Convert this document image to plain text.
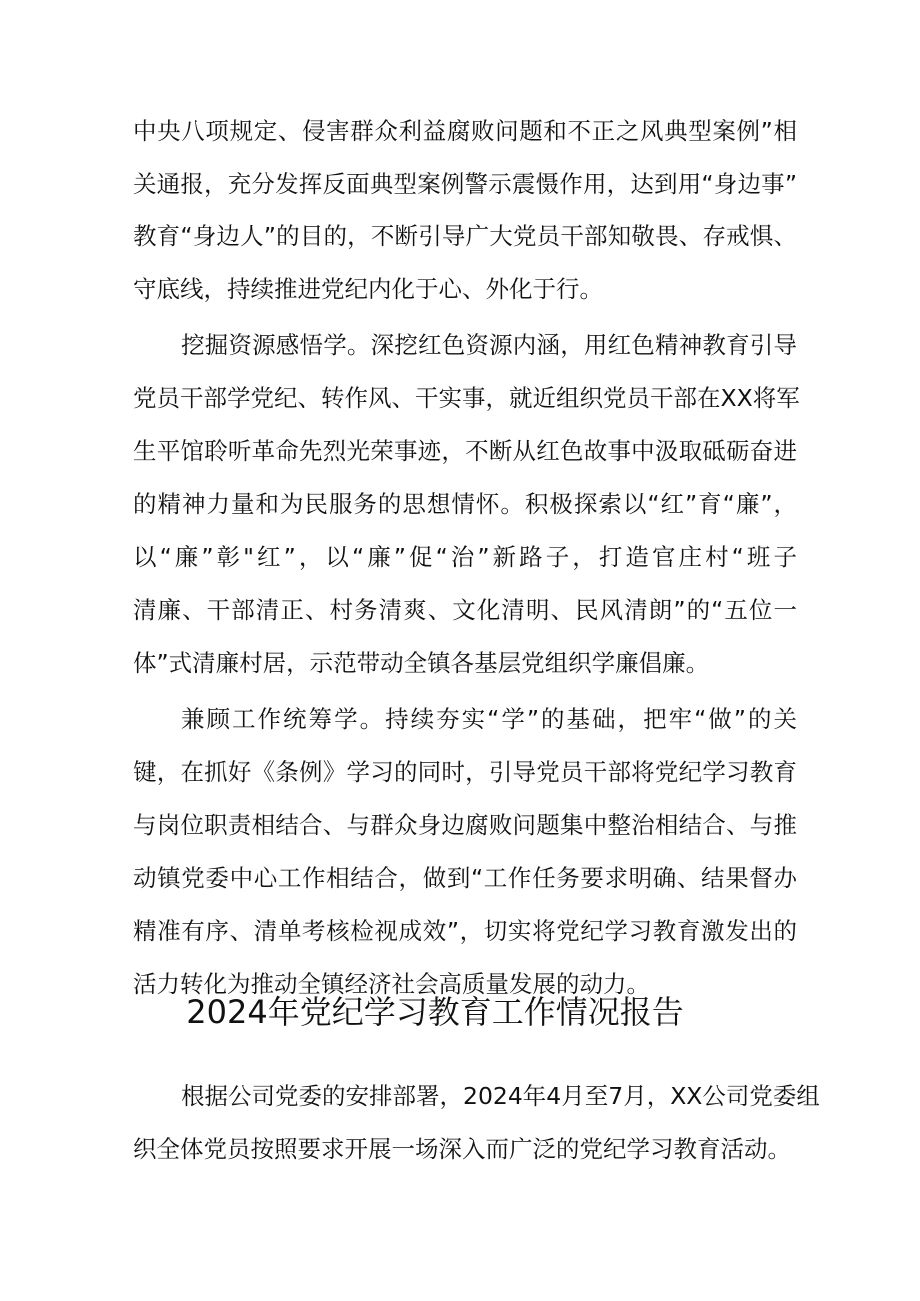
中央八项规定、侵害群众利益腐败问题和不正之风典型案例”相
关通报，充分发挥反面典型案例警示震慑作用，达到用“身边事”
教育“身边人”的目的，不断引导广大党员干部知敬畏、存戒惧、
守底线，持续推进党纪内化于心、外化于行。
挖掘资源感悟学。深挖红色资源内涵，用红色精神教育引导
党员干部学党纪、转作风、干实事，就近组织党员干部在XX将军
生平馆聆听革命先烈光荣事迹，不断从红色故事中汲取砥砺奋进
的精神力量和为民服务的思想情怀。积极探索以“红”育“廉”，
以“廉”彰"红”，以“廉”促“治”新路子，打造官庄村“班子
清廉、干部清正、村务清爽、文化清明、民风清朗”的“五位一
体”式清廉村居，示范带动全镇各基层党组织学廉倡廉。
兼顾工作统筹学。持续夯实“学”的基础，把牢“做”的关
键，在抓好《条例》学习的同时，引导党员干部将党纪学习教育
与岗位职责相结合、与群众身边腐败问题集中整治相结合、与推
动镇党委中心工作相结合，做到“工作任务要求明确、结果督办
精准有序、清单考核检视成效”，切实将党纪学习教育激发出的
活力转化为推动全镇经济社会高质量发展的动力。
2024年党纪学习教育工作情况报告
根据公司党委的安排部署，2024年4月至7月，XX公司党委组
织全体党员按照要求开展一场深入而广泛的党纪学习教育活动。
